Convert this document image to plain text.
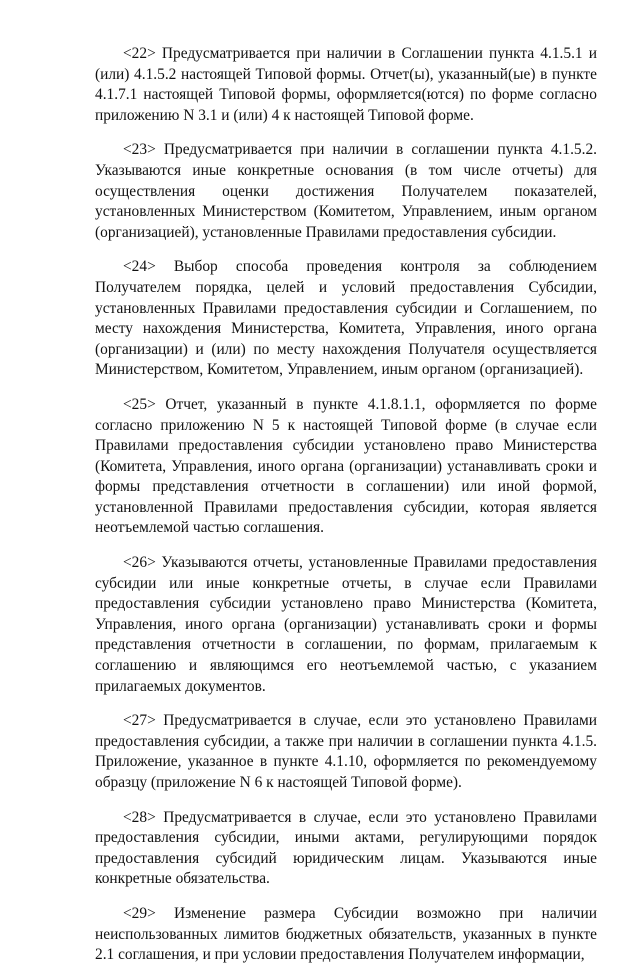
<22> Предусматривается при наличии в Соглашении пункта 4.1.5.1 и (или) 4.1.5.2 настоящей Типовой формы. Отчет(ы), указанный(ые) в пункте 4.1.7.1 настоящей Типовой формы, оформляется(ются) по форме согласно приложению N 3.1 и (или) 4 к настоящей Типовой форме.

<23> Предусматривается при наличии в соглашении пункта 4.1.5.2. Указываются иные конкретные основания (в том числе отчеты) для осуществления оценки достижения Получателем показателей, установленных Министерством (Комитетом, Управлением, иным органом (организацией), установленные Правилами предоставления субсидии.

<24> Выбор способа проведения контроля за соблюдением Получателем порядка, целей и условий предоставления Субсидии, установленных Правилами предоставления субсидии и Соглашением, по месту нахождения Министерства, Комитета, Управления, иного органа (организации) и (или) по месту нахождения Получателя осуществляется Министерством, Комитетом, Управлением, иным органом (организацией).

<25> Отчет, указанный в пункте 4.1.8.1.1, оформляется по форме согласно приложению N 5 к настоящей Типовой форме (в случае если Правилами предоставления субсидии установлено право Министерства (Комитета, Управления, иного органа (организации) устанавливать сроки и формы представления отчетности в соглашении) или иной формой, установленной Правилами предоставления субсидии, которая является неотъемлемой частью соглашения.

<26> Указываются отчеты, установленные Правилами предоставления субсидии или иные конкретные отчеты, в случае если Правилами предоставления субсидии установлено право Министерства (Комитета, Управления, иного органа (организации) устанавливать сроки и формы представления отчетности в соглашении, по формам, прилагаемым к соглашению и являющимся его неотъемлемой частью, с указанием прилагаемых документов.

<27> Предусматривается в случае, если это установлено Правилами предоставления субсидии, а также при наличии в соглашении пункта 4.1.5. Приложение, указанное в пункте 4.1.10, оформляется по рекомендуемому образцу (приложение N 6 к настоящей Типовой форме).

<28> Предусматривается в случае, если это установлено Правилами предоставления субсидии, иными актами, регулирующими порядок предоставления субсидий юридическим лицам. Указываются иные конкретные обязательства.

<29> Изменение размера Субсидии возможно при наличии неиспользованных лимитов бюджетных обязательств, указанных в пункте 2.1 соглашения, и при условии предоставления Получателем информации,
